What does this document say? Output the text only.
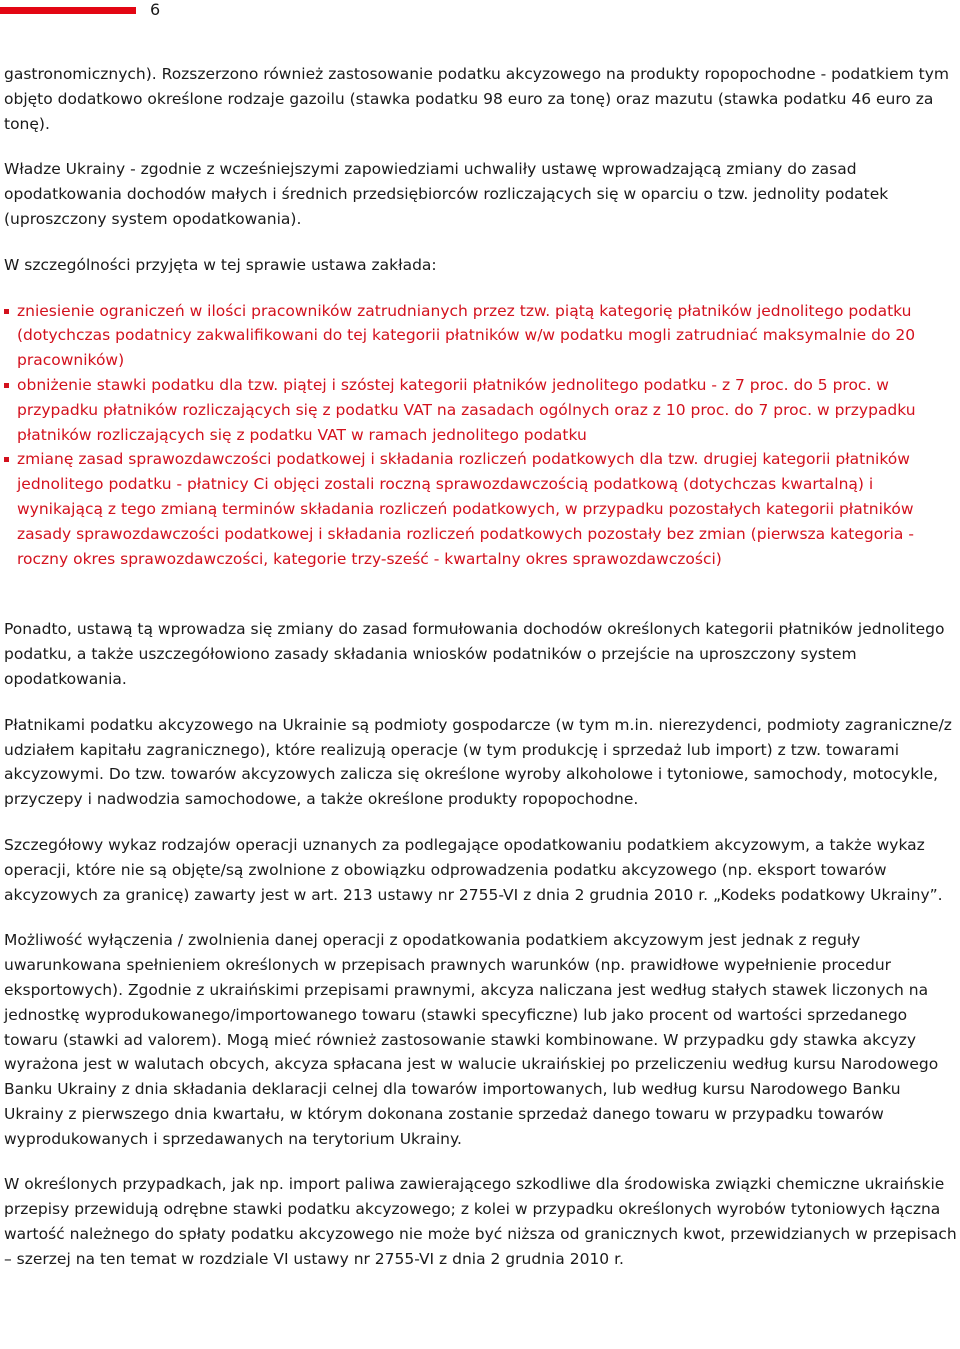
6

gastronomicznych). Rozszerzono również zastosowanie podatku akcyzowego na produkty ropopochodne - podatkiem tym objęto dodatkowo określone rodzaje gazoilu (stawka podatku 98 euro za tonę) oraz mazutu (stawka podatku 46 euro za tonę).

Władze Ukrainy - zgodnie z wcześniejszymi zapowiedziami uchwaliły ustawę wprowadzającą zmiany do zasad opodatkowania dochodów małych i średnich przedsiębiorców rozliczających się w oparciu o tzw. jednolity podatek (uproszczony system opodatkowania).

W szczególności przyjęta w tej sprawie ustawa zakłada:

zniesienie ograniczeń w ilości pracowników zatrudnianych przez tzw. piątą kategorię płatników jednolitego podatku (dotychczas podatnicy zakwalifikowani do tej kategorii płatników w/w podatku mogli zatrudniać maksymalnie do 20 pracowników)
obniżenie stawki podatku dla tzw. piątej i szóstej kategorii płatników jednolitego podatku - z 7 proc. do 5 proc. w przypadku płatników rozliczających się z podatku VAT na zasadach ogólnych oraz z 10 proc. do 7 proc. w przypadku płatników rozliczających się z podatku VAT w ramach jednolitego podatku
zmianę zasad sprawozdawczości podatkowej i składania rozliczeń podatkowych dla tzw. drugiej kategorii płatników jednolitego podatku - płatnicy Ci objęci zostali roczną sprawozdawczością podatkową (dotychczas kwartalną) i wynikającą z tego zmianą terminów składania rozliczeń podatkowych, w przypadku pozostałych kategorii płatników zasady sprawozdawczości podatkowej i składania rozliczeń podatkowych pozostały bez zmian (pierwsza kategoria - roczny okres sprawozdawczości, kategorie trzy-sześć - kwartalny okres sprawozdawczości)

Ponadto, ustawą tą wprowadza się zmiany do zasad formułowania dochodów określonych kategorii płatników jednolitego podatku, a także uszczegółowiono zasady składania wniosków podatników o przejście na uproszczony system opodatkowania.

Płatnikami podatku akcyzowego na Ukrainie są podmioty gospodarcze (w tym m.in. nierezydenci, podmioty zagraniczne/z udziałem kapitału zagranicznego), które realizują operacje (w tym produkcję i sprzedaż lub import) z tzw. towarami akcyzowymi. Do tzw. towarów akcyzowych zalicza się określone wyroby alkoholowe i tytoniowe, samochody, motocykle, przyczepy i nadwodzia samochodowe, a także określone produkty ropopochodne.

Szczegółowy wykaz rodzajów operacji uznanych za podlegające opodatkowaniu podatkiem akcyzowym, a także wykaz operacji, które nie są objęte/są zwolnione z obowiązku odprowadzenia podatku akcyzowego (np. eksport towarów akcyzowych za granicę) zawarty jest w art. 213 ustawy nr 2755-VI z dnia 2 grudnia 2010 r. „Kodeks podatkowy Ukrainy”.

Możliwość wyłączenia / zwolnienia danej operacji z opodatkowania podatkiem akcyzowym jest jednak z reguły uwarunkowana spełnieniem określonych w przepisach prawnych warunków (np. prawidłowe wypełnienie procedur eksportowych). Zgodnie z ukraińskimi przepisami prawnymi, akcyza naliczana jest według stałych stawek liczonych na jednostkę wyprodukowanego/importowanego towaru (stawki specyficzne) lub jako procent od wartości sprzedanego towaru (stawki ad valorem). Mogą mieć również zastosowanie stawki kombinowane. W przypadku gdy stawka akcyzy wyrażona jest w walutach obcych, akcyza spłacana jest w walucie ukraińskiej po przeliczeniu według kursu Narodowego Banku Ukrainy z dnia składania deklaracji celnej dla towarów importowanych, lub według kursu Narodowego Banku Ukrainy z pierwszego dnia kwartału, w którym dokonana zostanie sprzedaż danego towaru w przypadku towarów wyprodukowanych i sprzedawanych na terytorium Ukrainy.

W określonych przypadkach, jak np. import paliwa zawierającego szkodliwe dla środowiska związki chemiczne ukraińskie przepisy przewidują odrębne stawki podatku akcyzowego; z kolei w przypadku określonych wyrobów tytoniowych łączna wartość należnego do spłaty podatku akcyzowego nie może być niższa od granicznych kwot, przewidzianych w przepisach – szerzej na ten temat w rozdziale VI ustawy nr 2755-VI z dnia 2 grudnia 2010 r.
